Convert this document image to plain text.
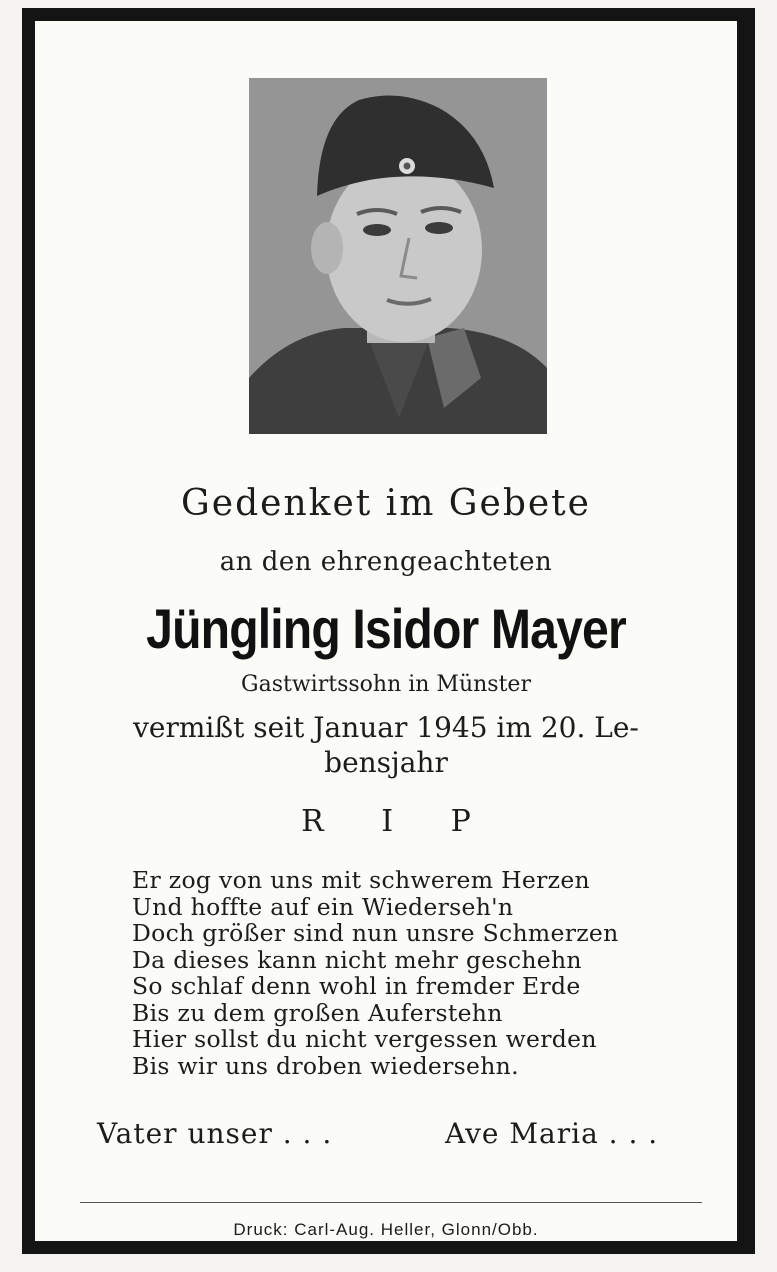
Gedenket im Gebete
an den ehrengeachteten
Jüngling Isidor Mayer
Gastwirtssohn in Münster
vermißt seit Januar 1945 im 20. Le-
bensjahr
R I P
Er zog von uns mit schwerem Herzen
Und hoffte auf ein Wiederseh'n
Doch größer sind nun unsre Schmerzen
Da dieses kann nicht mehr geschehn
So schlaf denn wohl in fremder Erde
Bis zu dem großen Auferstehn
Hier sollst du nicht vergessen werden
Bis wir uns droben wiedersehn.
Vater unser . . .	Ave Maria . . .
Druck: Carl-Aug. Heller, Glonn/Obb.
